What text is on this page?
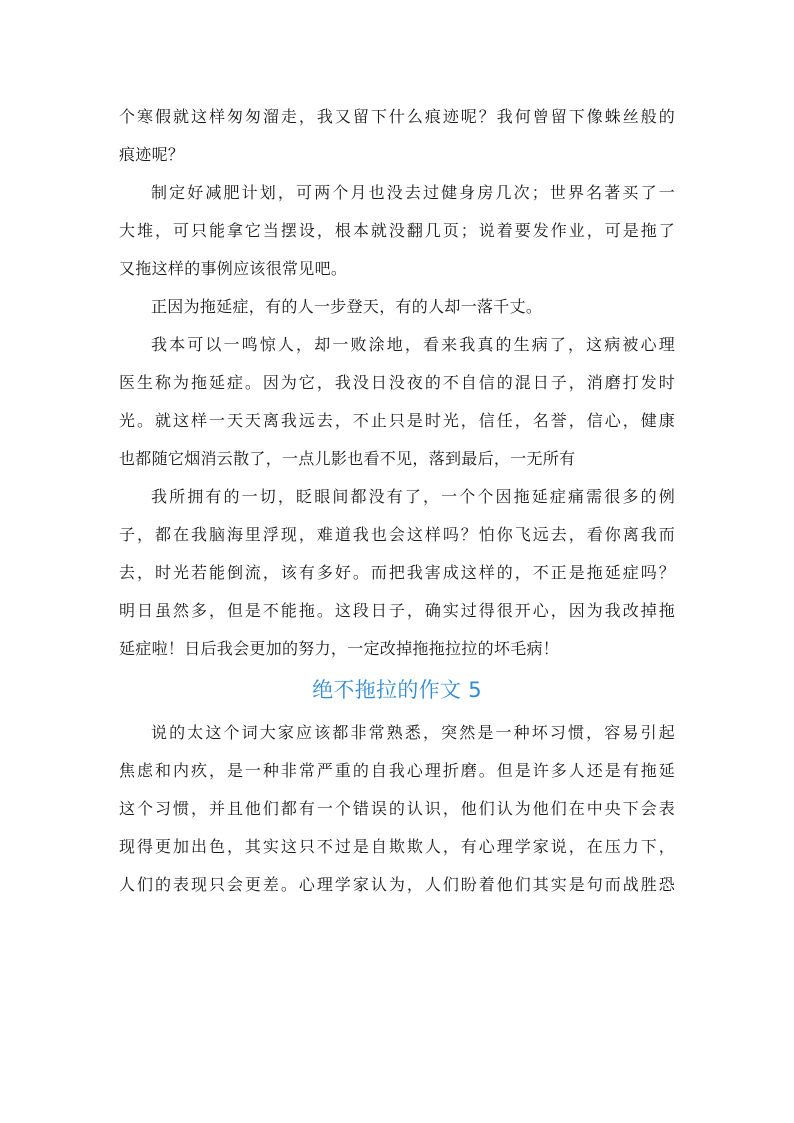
个寒假就这样匆匆溜走，我又留下什么痕迹呢？我何曾留下像蛛丝般的
痕迹呢？
制定好减肥计划，可两个月也没去过健身房几次；世界名著买了一
大堆，可只能拿它当摆设，根本就没翻几页；说着要发作业，可是拖了
又拖这样的事例应该很常见吧。
正因为拖延症，有的人一步登天，有的人却一落千丈。
我本可以一鸣惊人，却一败涂地，看来我真的生病了，这病被心理
医生称为拖延症。因为它，我没日没夜的不自信的混日子，消磨打发时
光。就这样一天天离我远去，不止只是时光，信任，名誉，信心，健康
也都随它烟消云散了，一点儿影也看不见，落到最后，一无所有
我所拥有的一切，眨眼间都没有了，一个个因拖延症痛需很多的例
子，都在我脑海里浮现，难道我也会这样吗？怕你飞远去，看你离我而
去，时光若能倒流，该有多好。而把我害成这样的，不正是拖延症吗？
明日虽然多，但是不能拖。这段日子，确实过得很开心，因为我改掉拖
延症啦！日后我会更加的努力，一定改掉拖拖拉拉的坏毛病！
绝不拖拉的作文 5
说的太这个词大家应该都非常熟悉，突然是一种坏习惯，容易引起
焦虑和内疚，是一种非常严重的自我心理折磨。但是许多人还是有拖延
这个习惯，并且他们都有一个错误的认识，他们认为他们在中央下会表
现得更加出色，其实这只不过是自欺欺人，有心理学家说，在压力下，
人们的表现只会更差。心理学家认为，人们盼着他们其实是句而战胜恐
